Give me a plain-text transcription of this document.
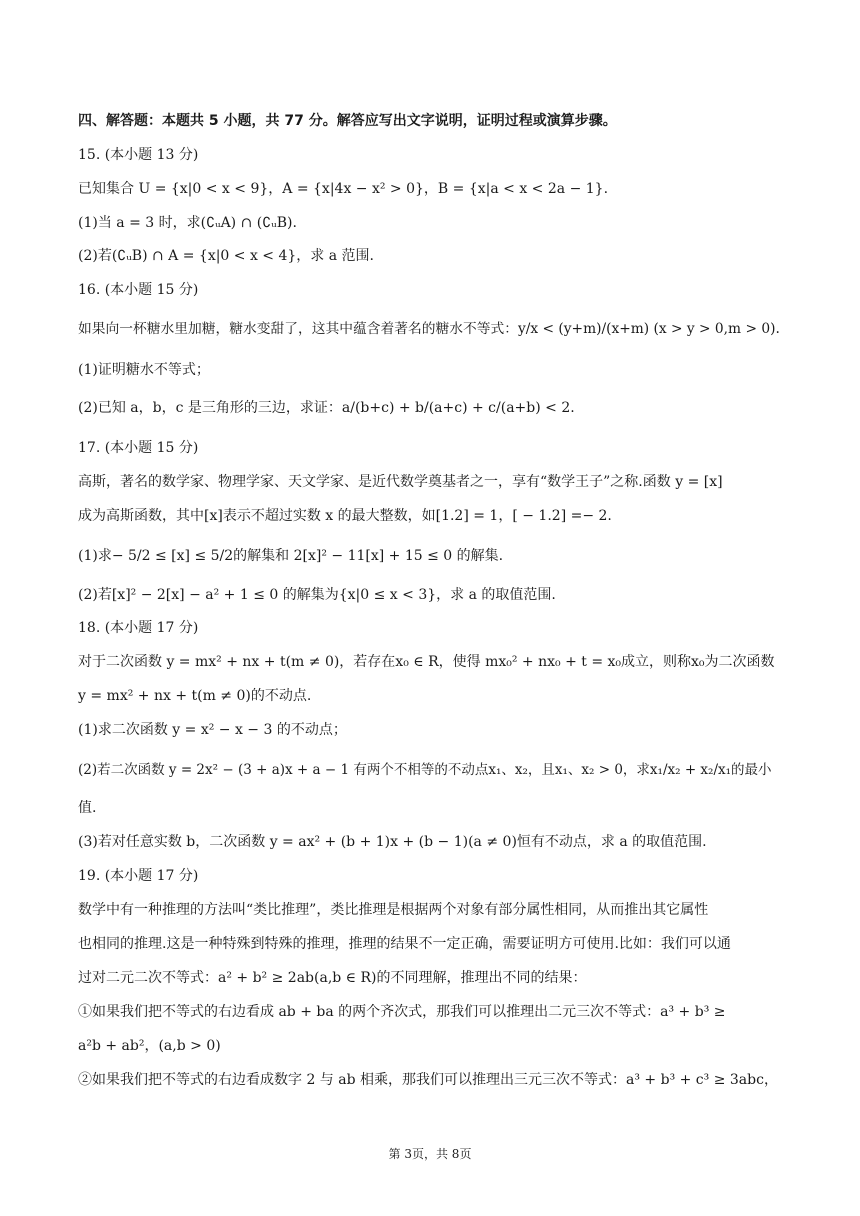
四、解答题：本题共 5 小题，共 77 分。解答应写出文字说明，证明过程或演算步骤。
15. (本小题 13 分)
已知集合 U = {x|0 < x < 9}，A = {x|4x − x² > 0}，B = {x|a < x < 2a − 1}.
(1)当 a = 3 时，求(∁ᵤA) ∩ (∁ᵤB).
(2)若(∁ᵤB) ∩ A = {x|0 < x < 4}，求 a 范围.
16. (本小题 15 分)
如果向一杯糖水里加糖，糖水变甜了，这其中蕴含着著名的糖水不等式：y/x < (y+m)/(x+m) (x > y > 0,m > 0).
(1)证明糖水不等式；
(2)已知 a，b，c 是三角形的三边，求证：a/(b+c) + b/(a+c) + c/(a+b) < 2.
17. (本小题 15 分)
高斯，著名的数学家、物理学家、天文学家、是近代数学奠基者之一，享有“数学王子”之称.函数 y = [x]
成为高斯函数，其中[x]表示不超过实数 x 的最大整数，如[1.2] = 1，[ − 1.2] =− 2.
(1)求− 5/2 ≤ [x] ≤ 5/2的解集和 2[x]² − 11[x] + 15 ≤ 0 的解集.
(2)若[x]² − 2[x] − a² + 1 ≤ 0 的解集为{x|0 ≤ x < 3}，求 a 的取值范围.
18. (本小题 17 分)
对于二次函数 y = mx² + nx + t(m ≠ 0)，若存在x₀ ∈ R，使得 mx₀² + nx₀ + t = x₀成立，则称x₀为二次函数
y = mx² + nx + t(m ≠ 0)的不动点.
(1)求二次函数 y = x² − x − 3 的不动点；
(2)若二次函数 y = 2x² − (3 + a)x + a − 1 有两个不相等的不动点x₁、x₂，且x₁、x₂ > 0，求x₁/x₂ + x₂/x₁的最小
值.
(3)若对任意实数 b，二次函数 y = ax² + (b + 1)x + (b − 1)(a ≠ 0)恒有不动点，求 a 的取值范围.
19. (本小题 17 分)
数学中有一种推理的方法叫“类比推理”，类比推理是根据两个对象有部分属性相同，从而推出其它属性
也相同的推理.这是一种特殊到特殊的推理，推理的结果不一定正确，需要证明方可使用.比如：我们可以通
过对二元二次不等式：a² + b² ≥ 2ab(a,b ∈ R)的不同理解，推理出不同的结果：
①如果我们把不等式的右边看成 ab + ba 的两个齐次式，那我们可以推理出二元三次不等式：a³ + b³ ≥
a²b + ab²，(a,b > 0)
②如果我们把不等式的右边看成数字 2 与 ab 相乘，那我们可以推理出三元三次不等式：a³ + b³ + c³ ≥ 3abc，
第 3页，共 8页
